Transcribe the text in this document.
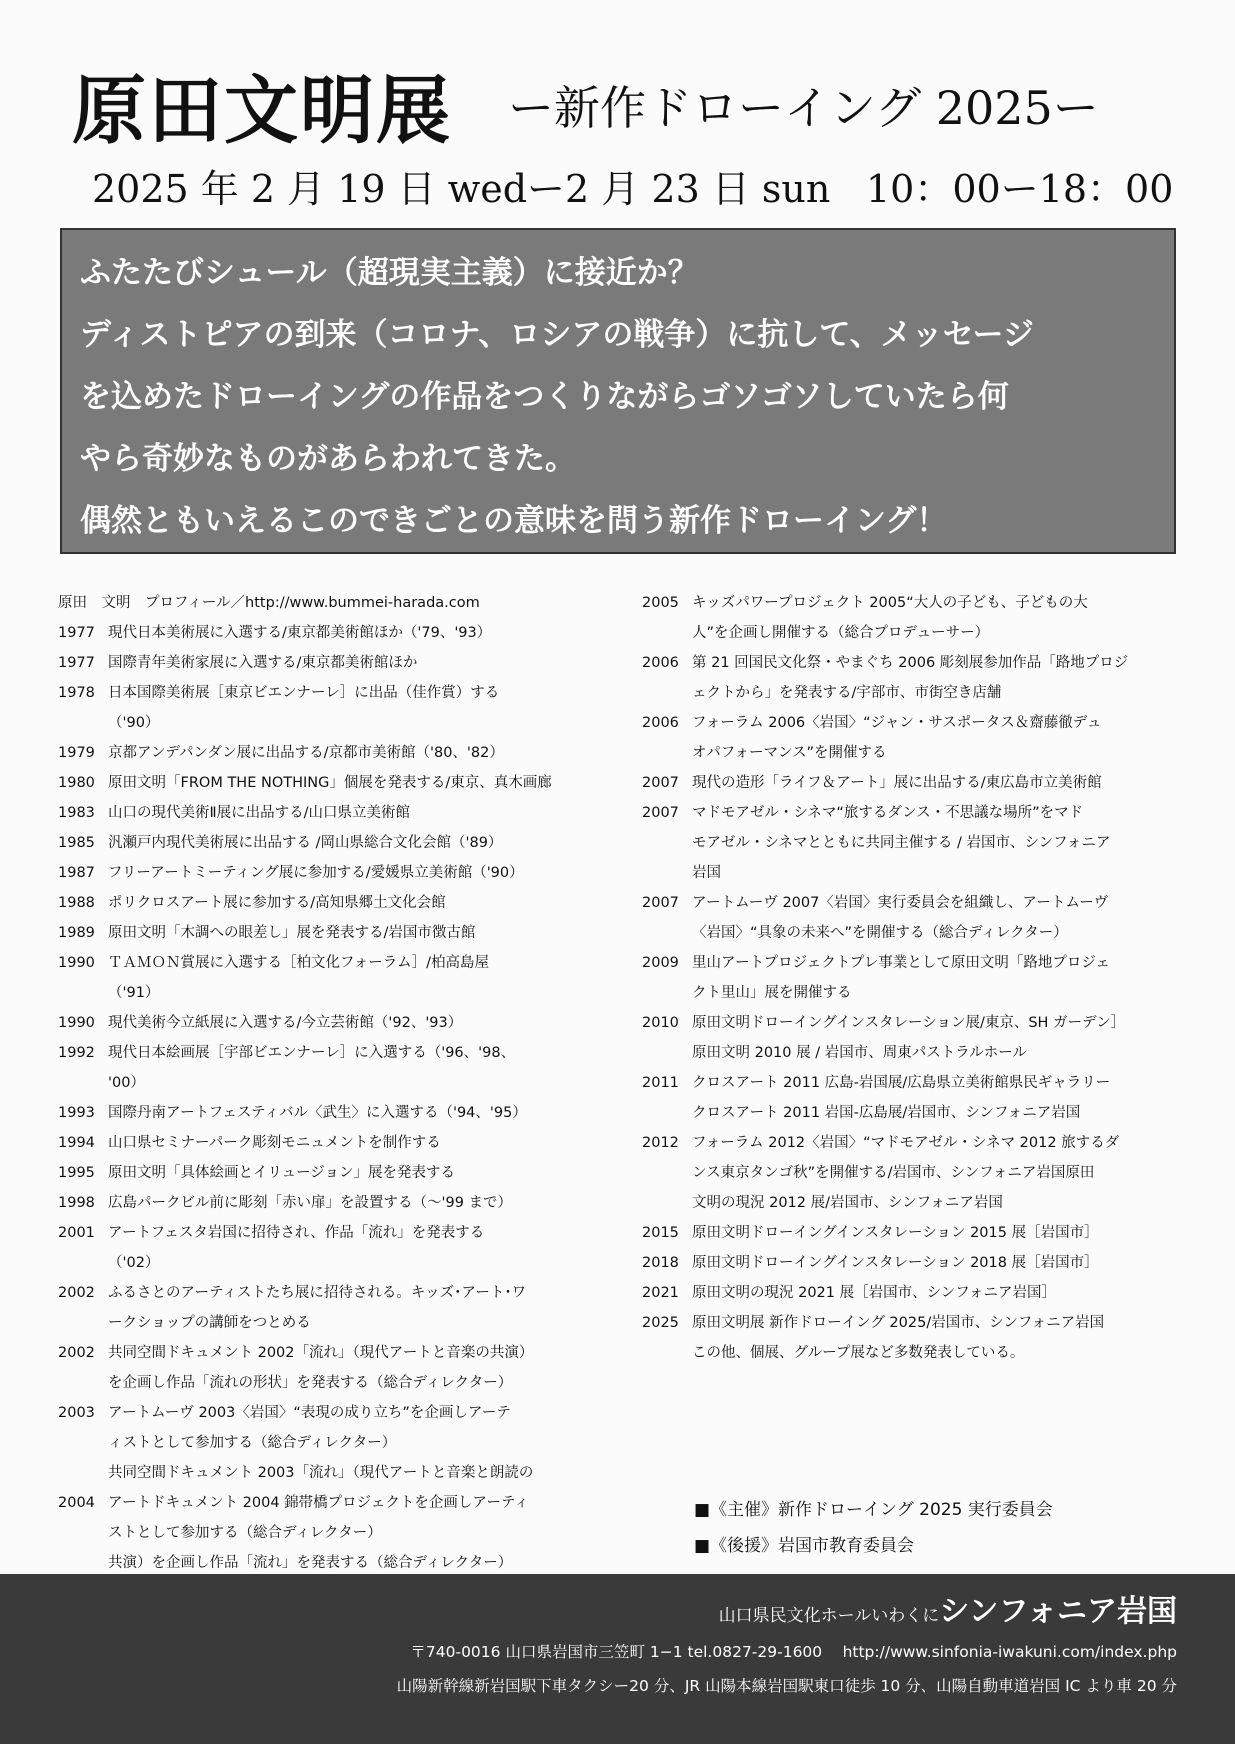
原田文明展 ー新作ドローイング 2025ー
2025 年 2 月 19 日 wedー2 月 23 日 sun 10：00ー18：00
ふたたびシュール（超現実主義）に接近か？
ディストピアの到来（コロナ、ロシアの戦争）に抗して、メッセージ
を込めたドローイングの作品をつくりながらゴソゴソしていたら何
やら奇妙なものがあらわれてきた。
偶然ともいえるこのできごとの意味を問う新作ドローイング！
原田　文明　プロフィール／http://www.bummei-harada.com
1977 現代日本美術展に入選する/東京都美術館ほか（'79、'93）
1977 国際青年美術家展に入選する/東京都美術館ほか
1978 日本国際美術展［東京ビエンナーレ］に出品（佳作賞）する
（'90）
1979 京都アンデパンダン展に出品する/京都市美術館（'80、'82）
1980 原田文明「FROM THE NOTHING」個展を発表する/東京、真木画廊
1983 山口の現代美術Ⅱ展に出品する/山口県立美術館
1985 汎瀬戸内現代美術展に出品する /岡山県総合文化会館（'89）
1987 フリーアートミーティング展に参加する/愛媛県立美術館（'90）
1988 ポリクロスアート展に参加する/高知県郷土文化会館
1989 原田文明「木調への眼差し」展を発表する/岩国市徴古館
1990 ＴＡＭＯＮ賞展に入選する［柏文化フォーラム］/柏高島屋
（'91）
1990 現代美術今立紙展に入選する/今立芸術館（'92、'93）
1992 現代日本絵画展［宇部ビエンナーレ］に入選する（'96、'98、
'00）
1993 国際丹南アートフェスティバル〈武生〉に入選する（'94、'95）
1994 山口県セミナーパーク彫刻モニュメントを制作する
1995 原田文明「具体絵画とイリュージョン」展を発表する
1998 広島パークビル前に彫刻「赤い扉」を設置する（～'99 まで）
2001 アートフェスタ岩国に招待され、作品「流れ」を発表する
（'02）
2002 ふるさとのアーティストたち展に招待される。キッズ･アート･ワ
ークショップの講師をつとめる
2002 共同空間ドキュメント 2002「流れ」（現代アートと音楽の共演）
を企画し作品「流れの形状」を発表する（総合ディレクター）
2003 アートムーヴ 2003〈岩国〉“表現の成り立ち”を企画しアーテ
ィストとして参加する（総合ディレクター）
共同空間ドキュメント 2003「流れ」（現代アートと音楽と朗読の
2004 アートドキュメント 2004 錦帯橋プロジェクトを企画しアーティ
ストとして参加する（総合ディレクター）
共演）を企画し作品「流れ」を発表する（総合ディレクター）
2005 キッズパワープロジェクト 2005“大人の子ども、子どもの大
人”を企画し開催する（総合プロデューサー）
2006 第 21 回国民文化祭・やまぐち 2006 彫刻展参加作品「路地プロジ
ェクトから」を発表する/宇部市、市街空き店舗
2006 フォーラム 2006〈岩国〉“ジャン・サスポータス＆齋藤徹デュ
オパフォーマンス”を開催する
2007 現代の造形「ライフ＆アート」展に出品する/東広島市立美術館
2007 マドモアゼル・シネマ“旅するダンス・不思議な場所”をマド
モアゼル・シネマとともに共同主催する / 岩国市、シンフォニア
岩国
2007 アートムーヴ 2007〈岩国〉実行委員会を組織し、アートムーヴ
〈岩国〉“具象の未来へ”を開催する（総合ディレクター）
2009 里山アートプロジェクトプレ事業として原田文明「路地プロジェ
クト里山」展を開催する
2010 原田文明ドローイングインスタレーション展/東京、SH ガーデン］
原田文明 2010 展 / 岩国市、周東パストラルホール
2011 クロスアート 2011 広島-岩国展/広島県立美術館県民ギャラリー
クロスアート 2011 岩国-広島展/岩国市、シンフォニア岩国
2012 フォーラム 2012〈岩国〉“マドモアゼル・シネマ 2012 旅するダ
ンス東京タンゴ秋”を開催する/岩国市、シンフォニア岩国原田
文明の現況 2012 展/岩国市、シンフォニア岩国
2015 原田文明ドローイングインスタレーション 2015 展［岩国市］
2018 原田文明ドローイングインスタレーション 2018 展［岩国市］
2021 原田文明の現況 2021 展［岩国市、シンフォニア岩国］
2025 原田文明展 新作ドローイング 2025/岩国市、シンフォニア岩国
この他、個展、グループ展など多数発表している。
■《主催》新作ドローイング 2025 実行委員会
■《後援》岩国市教育委員会
山口県民文化ホールいわくにシンフォニア岩国
〒740-0016 山口県岩国市三笠町 1−1 tel.0827-29-1600　 http://www.sinfonia-iwakuni.com/index.php
山陽新幹線新岩国駅下車タクシー20 分、JR 山陽本線岩国駅東口徒歩 10 分、山陽自動車道岩国 IC より車 20 分
